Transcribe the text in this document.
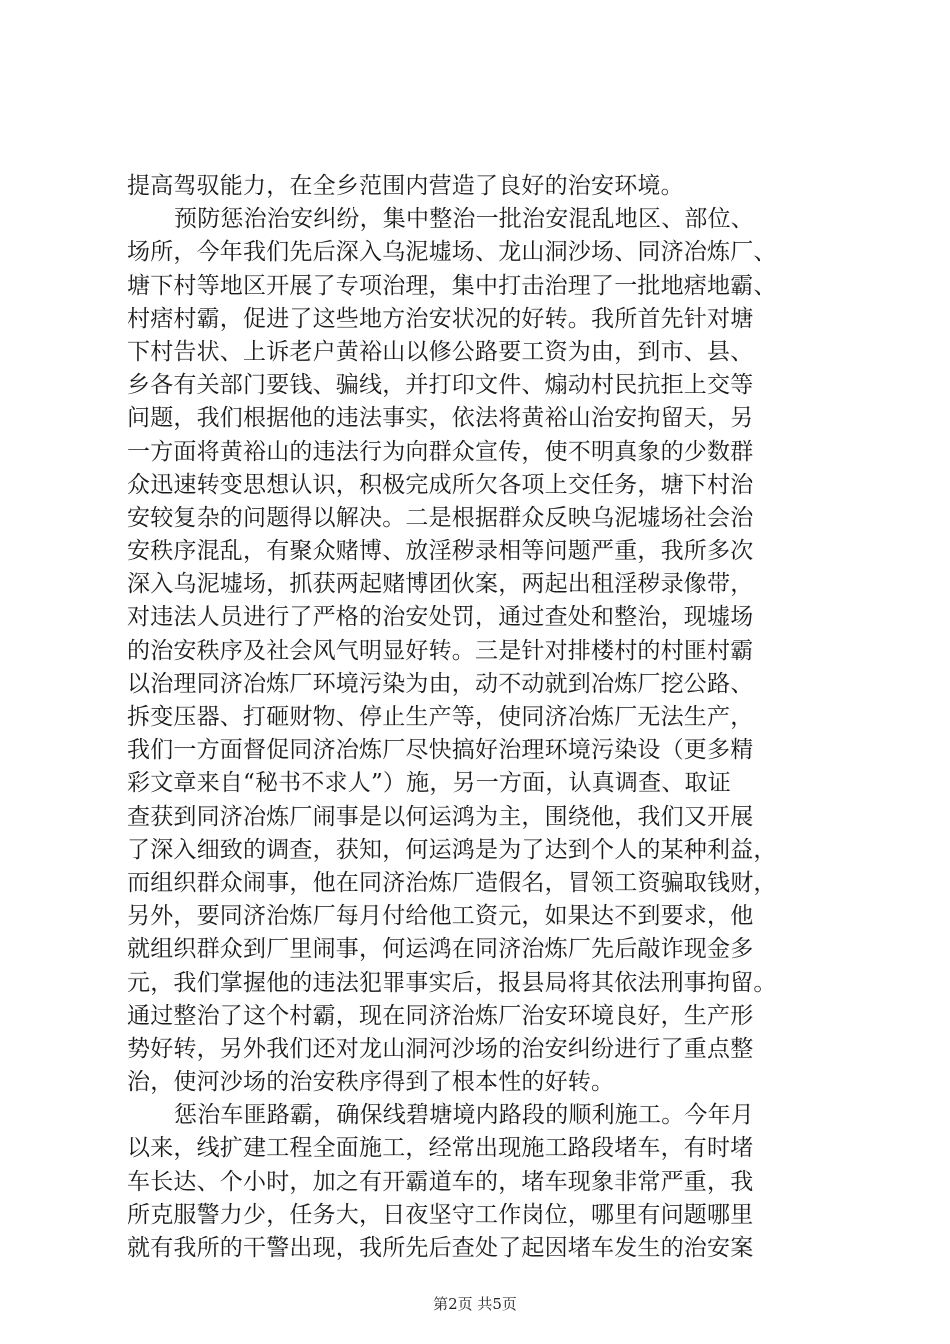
提高驾驭能力，在全乡范围内营造了良好的治安环境。
预防惩治治安纠纷，集中整治一批治安混乱地区、部位、
场所，今年我们先后深入乌泥墟场、龙山洞沙场、同济冶炼厂、
塘下村等地区开展了专项治理，集中打击治理了一批地痞地霸、
村痞村霸，促进了这些地方治安状况的好转。我所首先针对塘
下村告状、上诉老户黄裕山以修公路要工资为由，到市、县、
乡各有关部门要钱、骗线，并打印文件、煽动村民抗拒上交等
问题，我们根据他的违法事实，依法将黄裕山治安拘留天，另
一方面将黄裕山的违法行为向群众宣传，使不明真象的少数群
众迅速转变思想认识，积极完成所欠各项上交任务，塘下村治
安较复杂的问题得以解决。二是根据群众反映乌泥墟场社会治
安秩序混乱，有聚众赌博、放淫秽录相等问题严重，我所多次
深入乌泥墟场，抓获两起赌博团伙案，两起出租淫秽录像带，
对违法人员进行了严格的治安处罚，通过查处和整治，现墟场
的治安秩序及社会风气明显好转。三是针对排楼村的村匪村霸
以治理同济冶炼厂环境污染为由，动不动就到冶炼厂挖公路、
拆变压器、打砸财物、停止生产等，使同济冶炼厂无法生产，
我们一方面督促同济冶炼厂尽快搞好治理环境污染设（更多精
彩文章来自“秘书不求人”）施，另一方面，认真调查、取证
查获到同济冶炼厂闹事是以何运鸿为主，围绕他，我们又开展
了深入细致的调查，获知，何运鸿是为了达到个人的某种利益，
而组织群众闹事，他在同济治炼厂造假名，冒领工资骗取钱财，
另外，要同济治炼厂每月付给他工资元，如果达不到要求，他
就组织群众到厂里闹事，何运鸿在同济治炼厂先后敲诈现金多
元，我们掌握他的违法犯罪事实后，报县局将其依法刑事拘留。
通过整治了这个村霸，现在同济治炼厂治安环境良好，生产形
势好转，另外我们还对龙山洞河沙场的治安纠纷进行了重点整
治，使河沙场的治安秩序得到了根本性的好转。
惩治车匪路霸，确保线碧塘境内路段的顺利施工。今年月
以来，线扩建工程全面施工，经常出现施工路段堵车，有时堵
车长达、个小时，加之有开霸道车的，堵车现象非常严重，我
所克服警力少，任务大，日夜坚守工作岗位，哪里有问题哪里
就有我所的干警出现，我所先后查处了起因堵车发生的治安案
第2页 共5页
